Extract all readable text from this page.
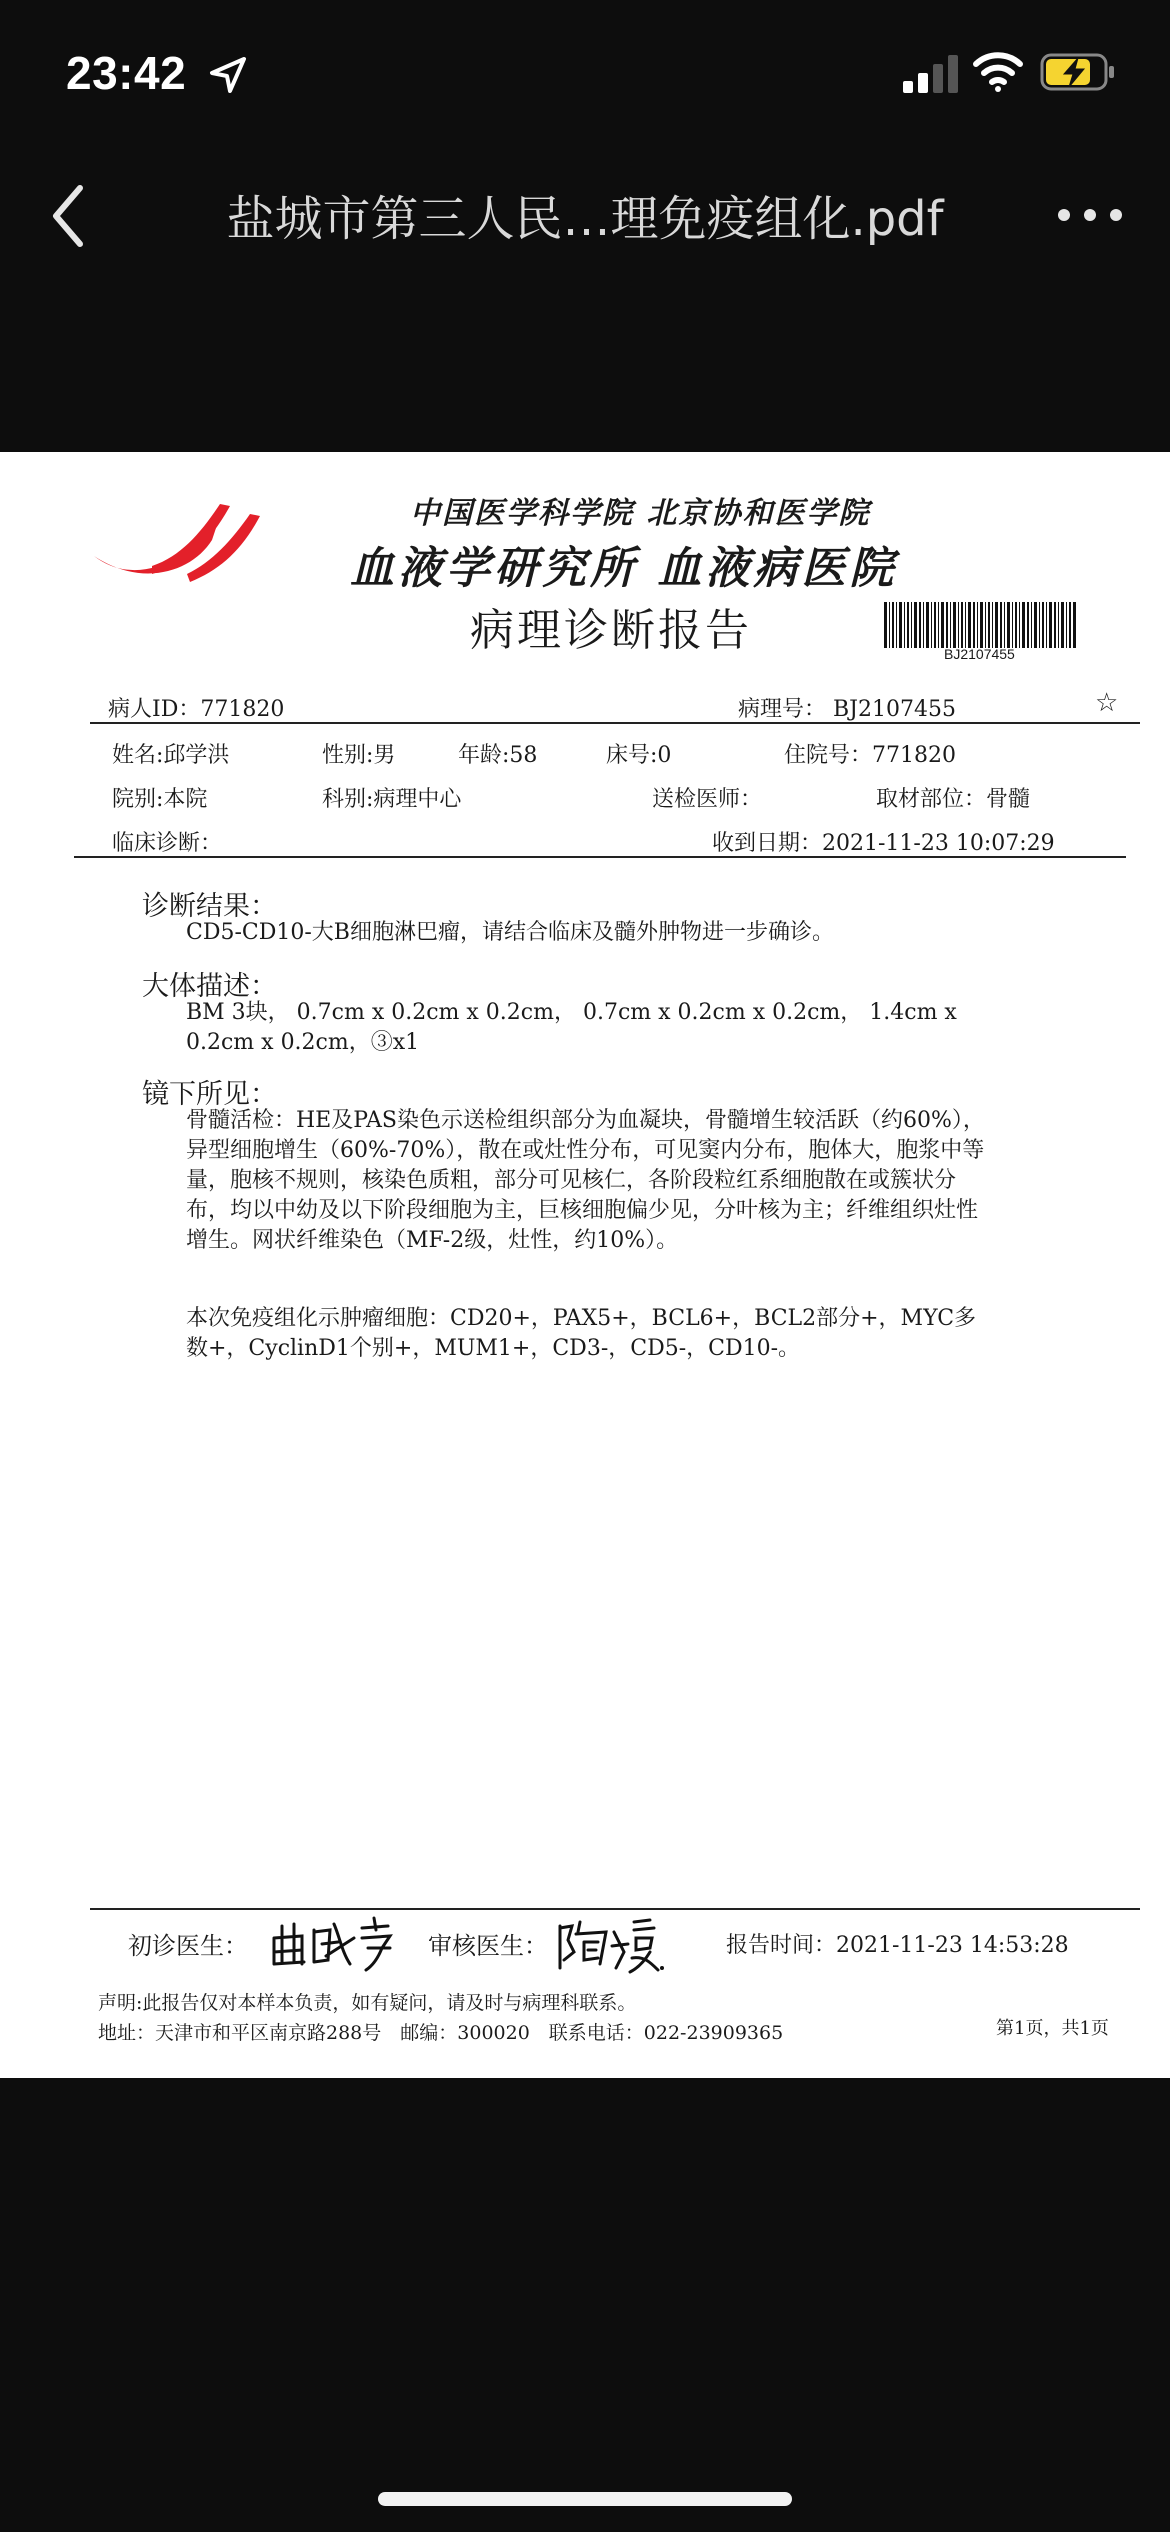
23:42
盐城市第三人民…理免疫组化.pdf
中国医学科学院 北京协和医学院
血液学研究所 血液病医院
病理诊断报告	BJ2107455
病人ID：771820	病理号： BJ2107455	☆
姓名:邱学洪	性别:男	年龄:58	床号:0	住院号：771820
院别:本院	科别:病理中心	送检医师：	取材部位：骨髓
临床诊断：	收到日期：2021-11-23 10:07:29
诊断结果：
CD5-CD10-大B细胞淋巴瘤，请结合临床及髓外肿物进一步确诊。
大体描述：
BM 3块， 0.7cm x 0.2cm x 0.2cm， 0.7cm x 0.2cm x 0.2cm， 1.4cm x 0.2cm x 0.2cm，③x1
镜下所见：
骨髓活检：HE及PAS染色示送检组织部分为血凝块，骨髓增生较活跃（约60%），异型细胞增生（60%-70%），散在或灶性分布，可见窦内分布，胞体大，胞浆中等量，胞核不规则，核染色质粗，部分可见核仁，各阶段粒红系细胞散在或簇状分布，均以中幼及以下阶段细胞为主，巨核细胞偏少见，分叶核为主；纤维组织灶性增生。网状纤维染色（MF-2级，灶性，约10%）。
本次免疫组化示肿瘤细胞：CD20+，PAX5+，BCL6+，BCL2部分+，MYC多数+，CyclinD1个别+，MUM1+，CD3-，CD5-，CD10-。
初诊医生：	审核医生：	报告时间：2021-11-23 14:53:28
声明:此报告仅对本样本负责，如有疑问，请及时与病理科联系。
地址：天津市和平区南京路288号　邮编：300020　联系电话：022-23909365	第1页，共1页
